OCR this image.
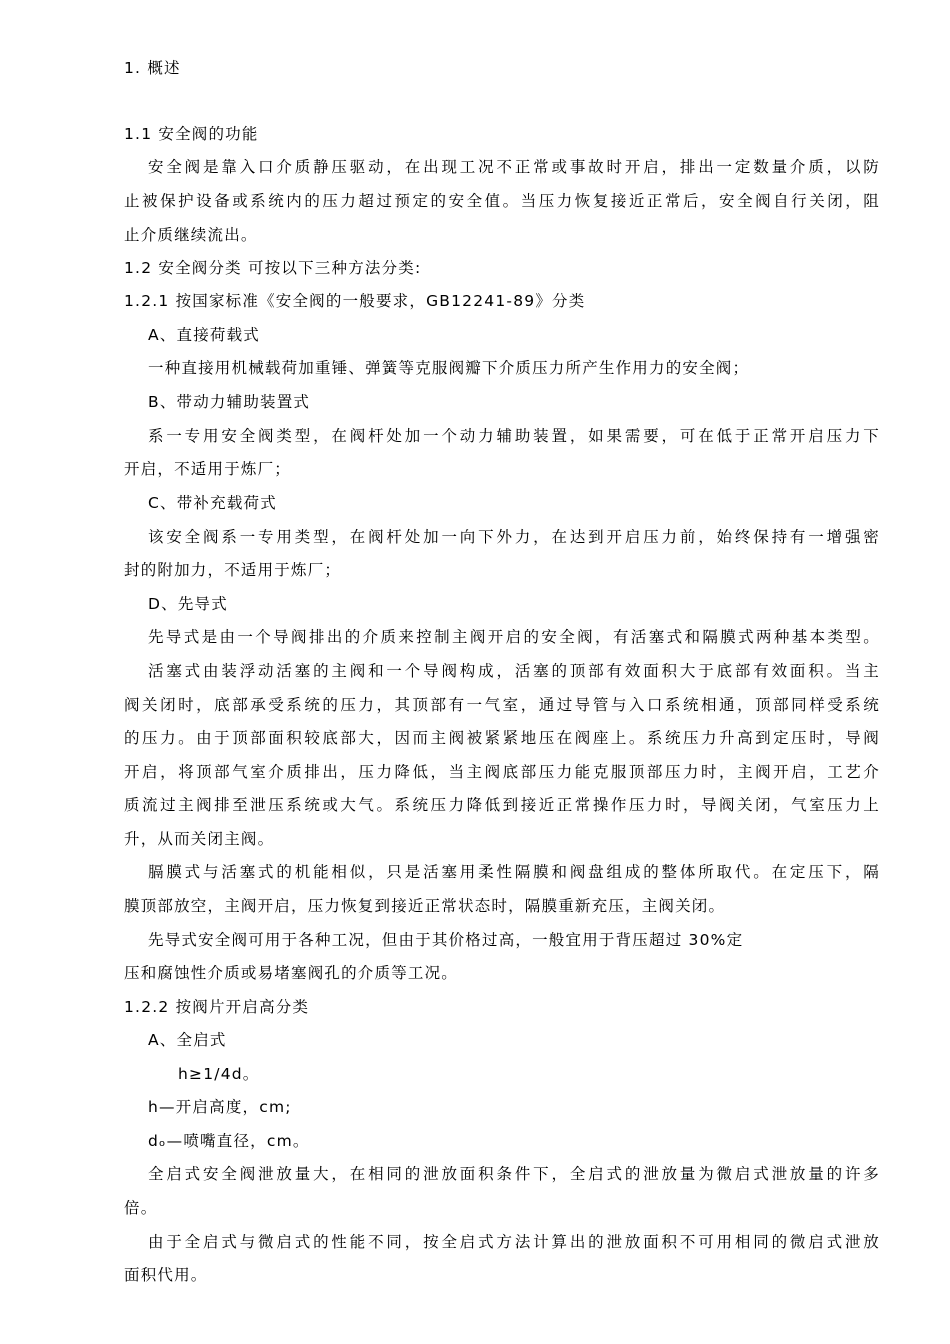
1. 概述
1.1 安全阀的功能
安全阀是靠入口介质静压驱动，在出现工况不正常或事故时开启，排出一定数量介质，以防
止被保护设备或系统内的压力超过预定的安全值。当压力恢复接近正常后，安全阀自行关闭，阻
止介质继续流出。
1.2 安全阀分类 可按以下三种方法分类:
1.2.1 按国家标准《安全阀的一般要求，GB12241-89》分类
A、直接荷载式
一种直接用机械载荷加重锤、弹簧等克服阀瓣下介质压力所产生作用力的安全阀；
B、带动力辅助装置式
系一专用安全阀类型，在阀杆处加一个动力辅助装置，如果需要，可在低于正常开启压力下
开启，不适用于炼厂；
C、带补充载荷式
该安全阀系一专用类型，在阀杆处加一向下外力，在达到开启压力前，始终保持有一增强密
封的附加力，不适用于炼厂；
D、先导式
先导式是由一个导阀排出的介质来控制主阀开启的安全阀，有活塞式和隔膜式两种基本类型。
活塞式由装浮动活塞的主阀和一个导阀构成，活塞的顶部有效面积大于底部有效面积。当主
阀关闭时，底部承受系统的压力，其顶部有一气室，通过导管与入口系统相通，顶部同样受系统
的压力。由于顶部面积较底部大，因而主阀被紧紧地压在阀座上。系统压力升高到定压时，导阀
开启，将顶部气室介质排出，压力降低，当主阀底部压力能克服顶部压力时，主阀开启，工艺介
质流过主阀排至泄压系统或大气。系统压力降低到接近正常操作压力时，导阀关闭，气室压力上
升，从而关闭主阀。
膈膜式与活塞式的机能相似，只是活塞用柔性隔膜和阀盘组成的整体所取代。在定压下，隔
膜顶部放空，主阀开启，压力恢复到接近正常状态时，隔膜重新充压，主阀关闭。
先导式安全阀可用于各种工况，但由于其价格过高，一般宜用于背压超过 30%定
压和腐蚀性介质或易堵塞阀孔的介质等工况。
1.2.2 按阀片开启高分类
A、全启式
h≥1/4d。
h—开启高度，cm;
dₒ—喷嘴直径，cm。
全启式安全阀泄放量大，在相同的泄放面积条件下，全启式的泄放量为微启式泄放量的许多
倍。
由于全启式与微启式的性能不同，按全启式方法计算出的泄放面积不可用相同的微启式泄放
面积代用。
